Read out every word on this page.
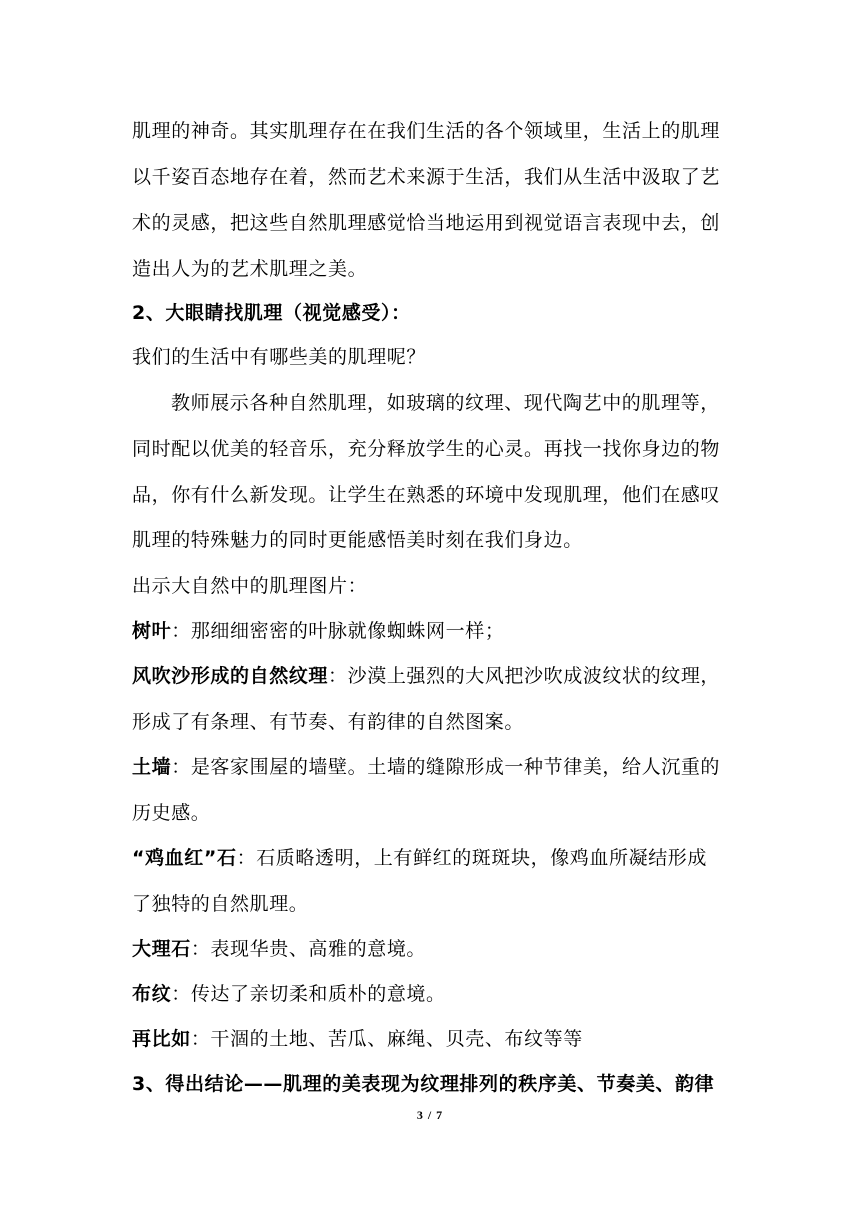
肌理的神奇。其实肌理存在在我们生活的各个领域里，生活上的肌理
以千姿百态地存在着，然而艺术来源于生活，我们从生活中汲取了艺
术的灵感，把这些自然肌理感觉恰当地运用到视觉语言表现中去，创
造出人为的艺术肌理之美。
2、大眼睛找肌理（视觉感受）：
我们的生活中有哪些美的肌理呢？
教师展示各种自然肌理，如玻璃的纹理、现代陶艺中的肌理等，
同时配以优美的轻音乐，充分释放学生的心灵。再找一找你身边的物
品，你有什么新发现。让学生在熟悉的环境中发现肌理，他们在感叹
肌理的特殊魅力的同时更能感悟美时刻在我们身边。
出示大自然中的肌理图片：
树叶：那细细密密的叶脉就像蜘蛛网一样；
风吹沙形成的自然纹理：沙漠上强烈的大风把沙吹成波纹状的纹理，
形成了有条理、有节奏、有韵律的自然图案。
土墙：是客家围屋的墙壁。土墙的缝隙形成一种节律美，给人沉重的
历史感。
“鸡血红”石：石质略透明，上有鲜红的斑斑块，像鸡血所凝结形成
了独特的自然肌理。
大理石：表现华贵、高雅的意境。
布纹：传达了亲切柔和质朴的意境。
再比如：干涸的土地、苦瓜、麻绳、贝壳、布纹等等
3、得出结论——肌理的美表现为纹理排列的秩序美、节奏美、韵律
3 / 7
